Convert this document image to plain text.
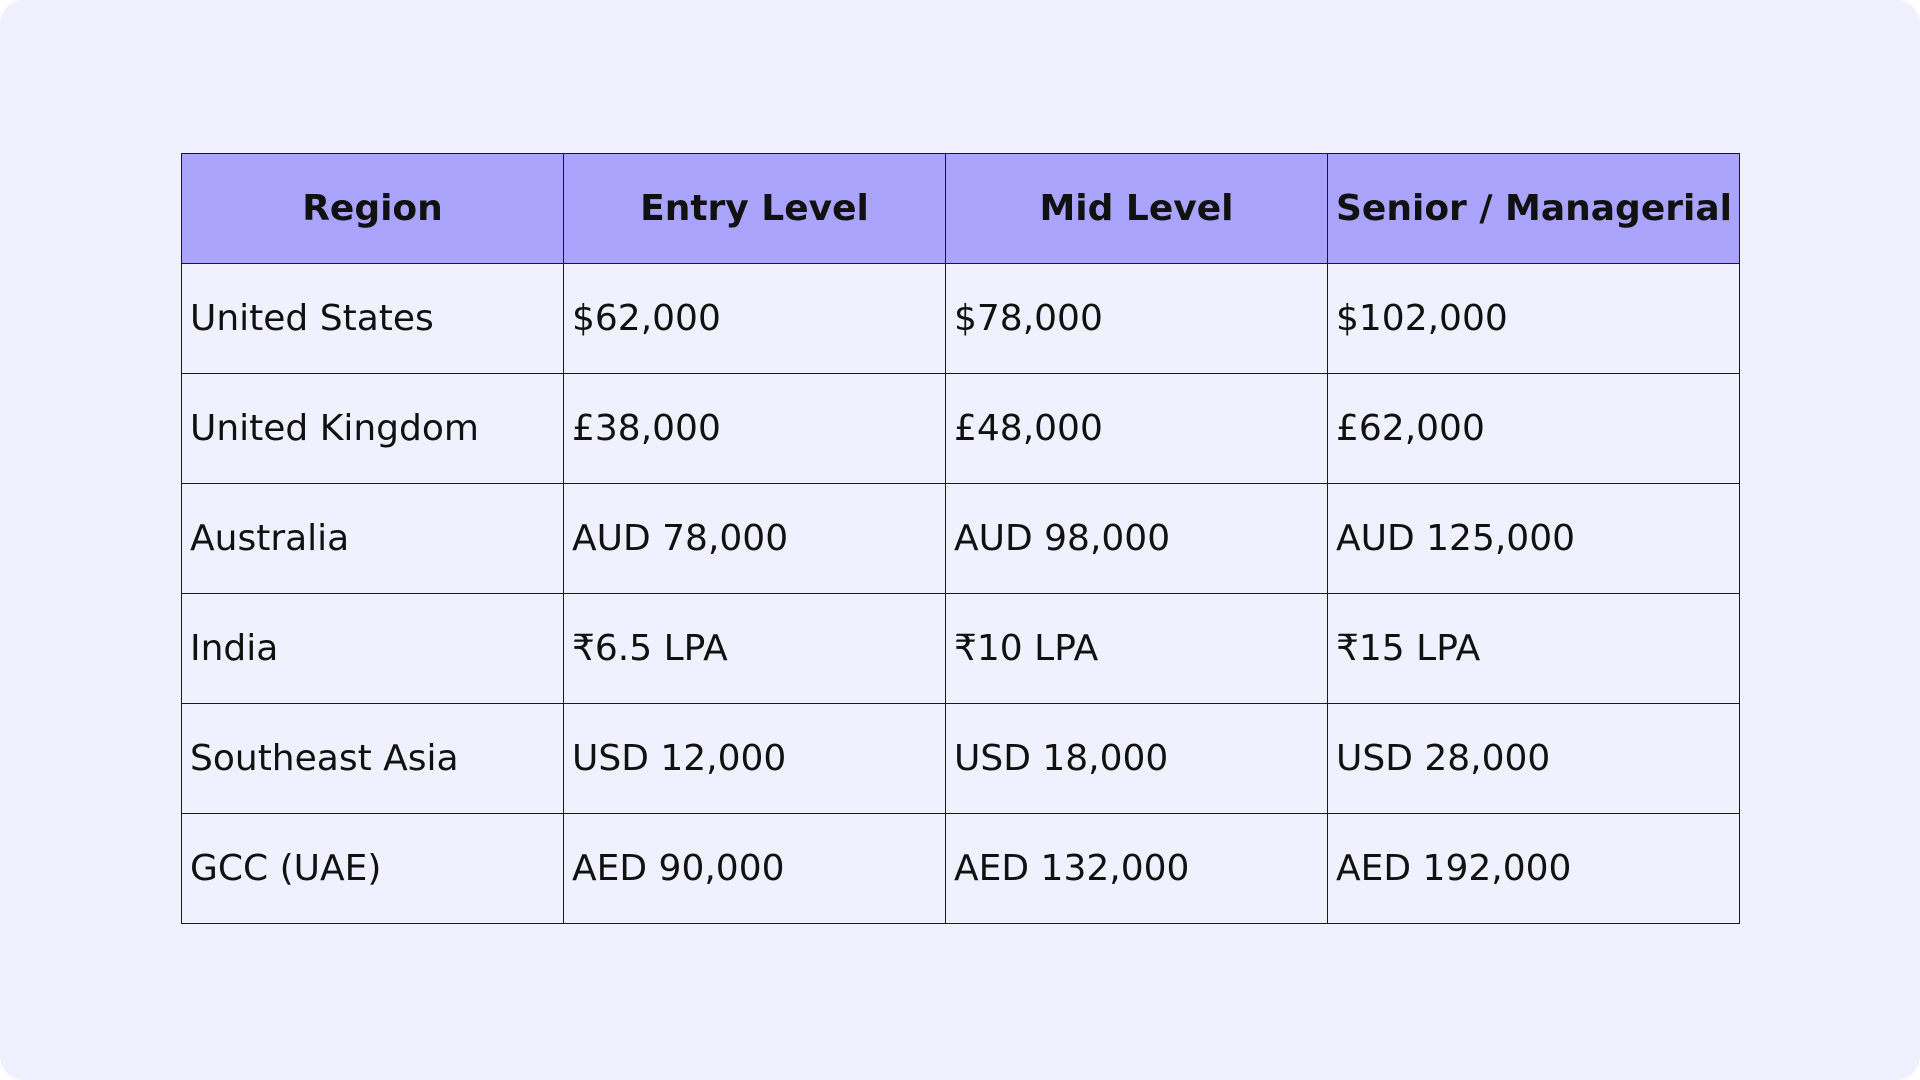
Region	Entry Level	Mid Level	Senior / Managerial
United States	$62,000	$78,000	$102,000
United Kingdom	£38,000	£48,000	£62,000
Australia	AUD 78,000	AUD 98,000	AUD 125,000
India	₹6.5 LPA	₹10 LPA	₹15 LPA
Southeast Asia	USD 12,000	USD 18,000	USD 28,000
GCC (UAE)	AED 90,000	AED 132,000	AED 192,000
